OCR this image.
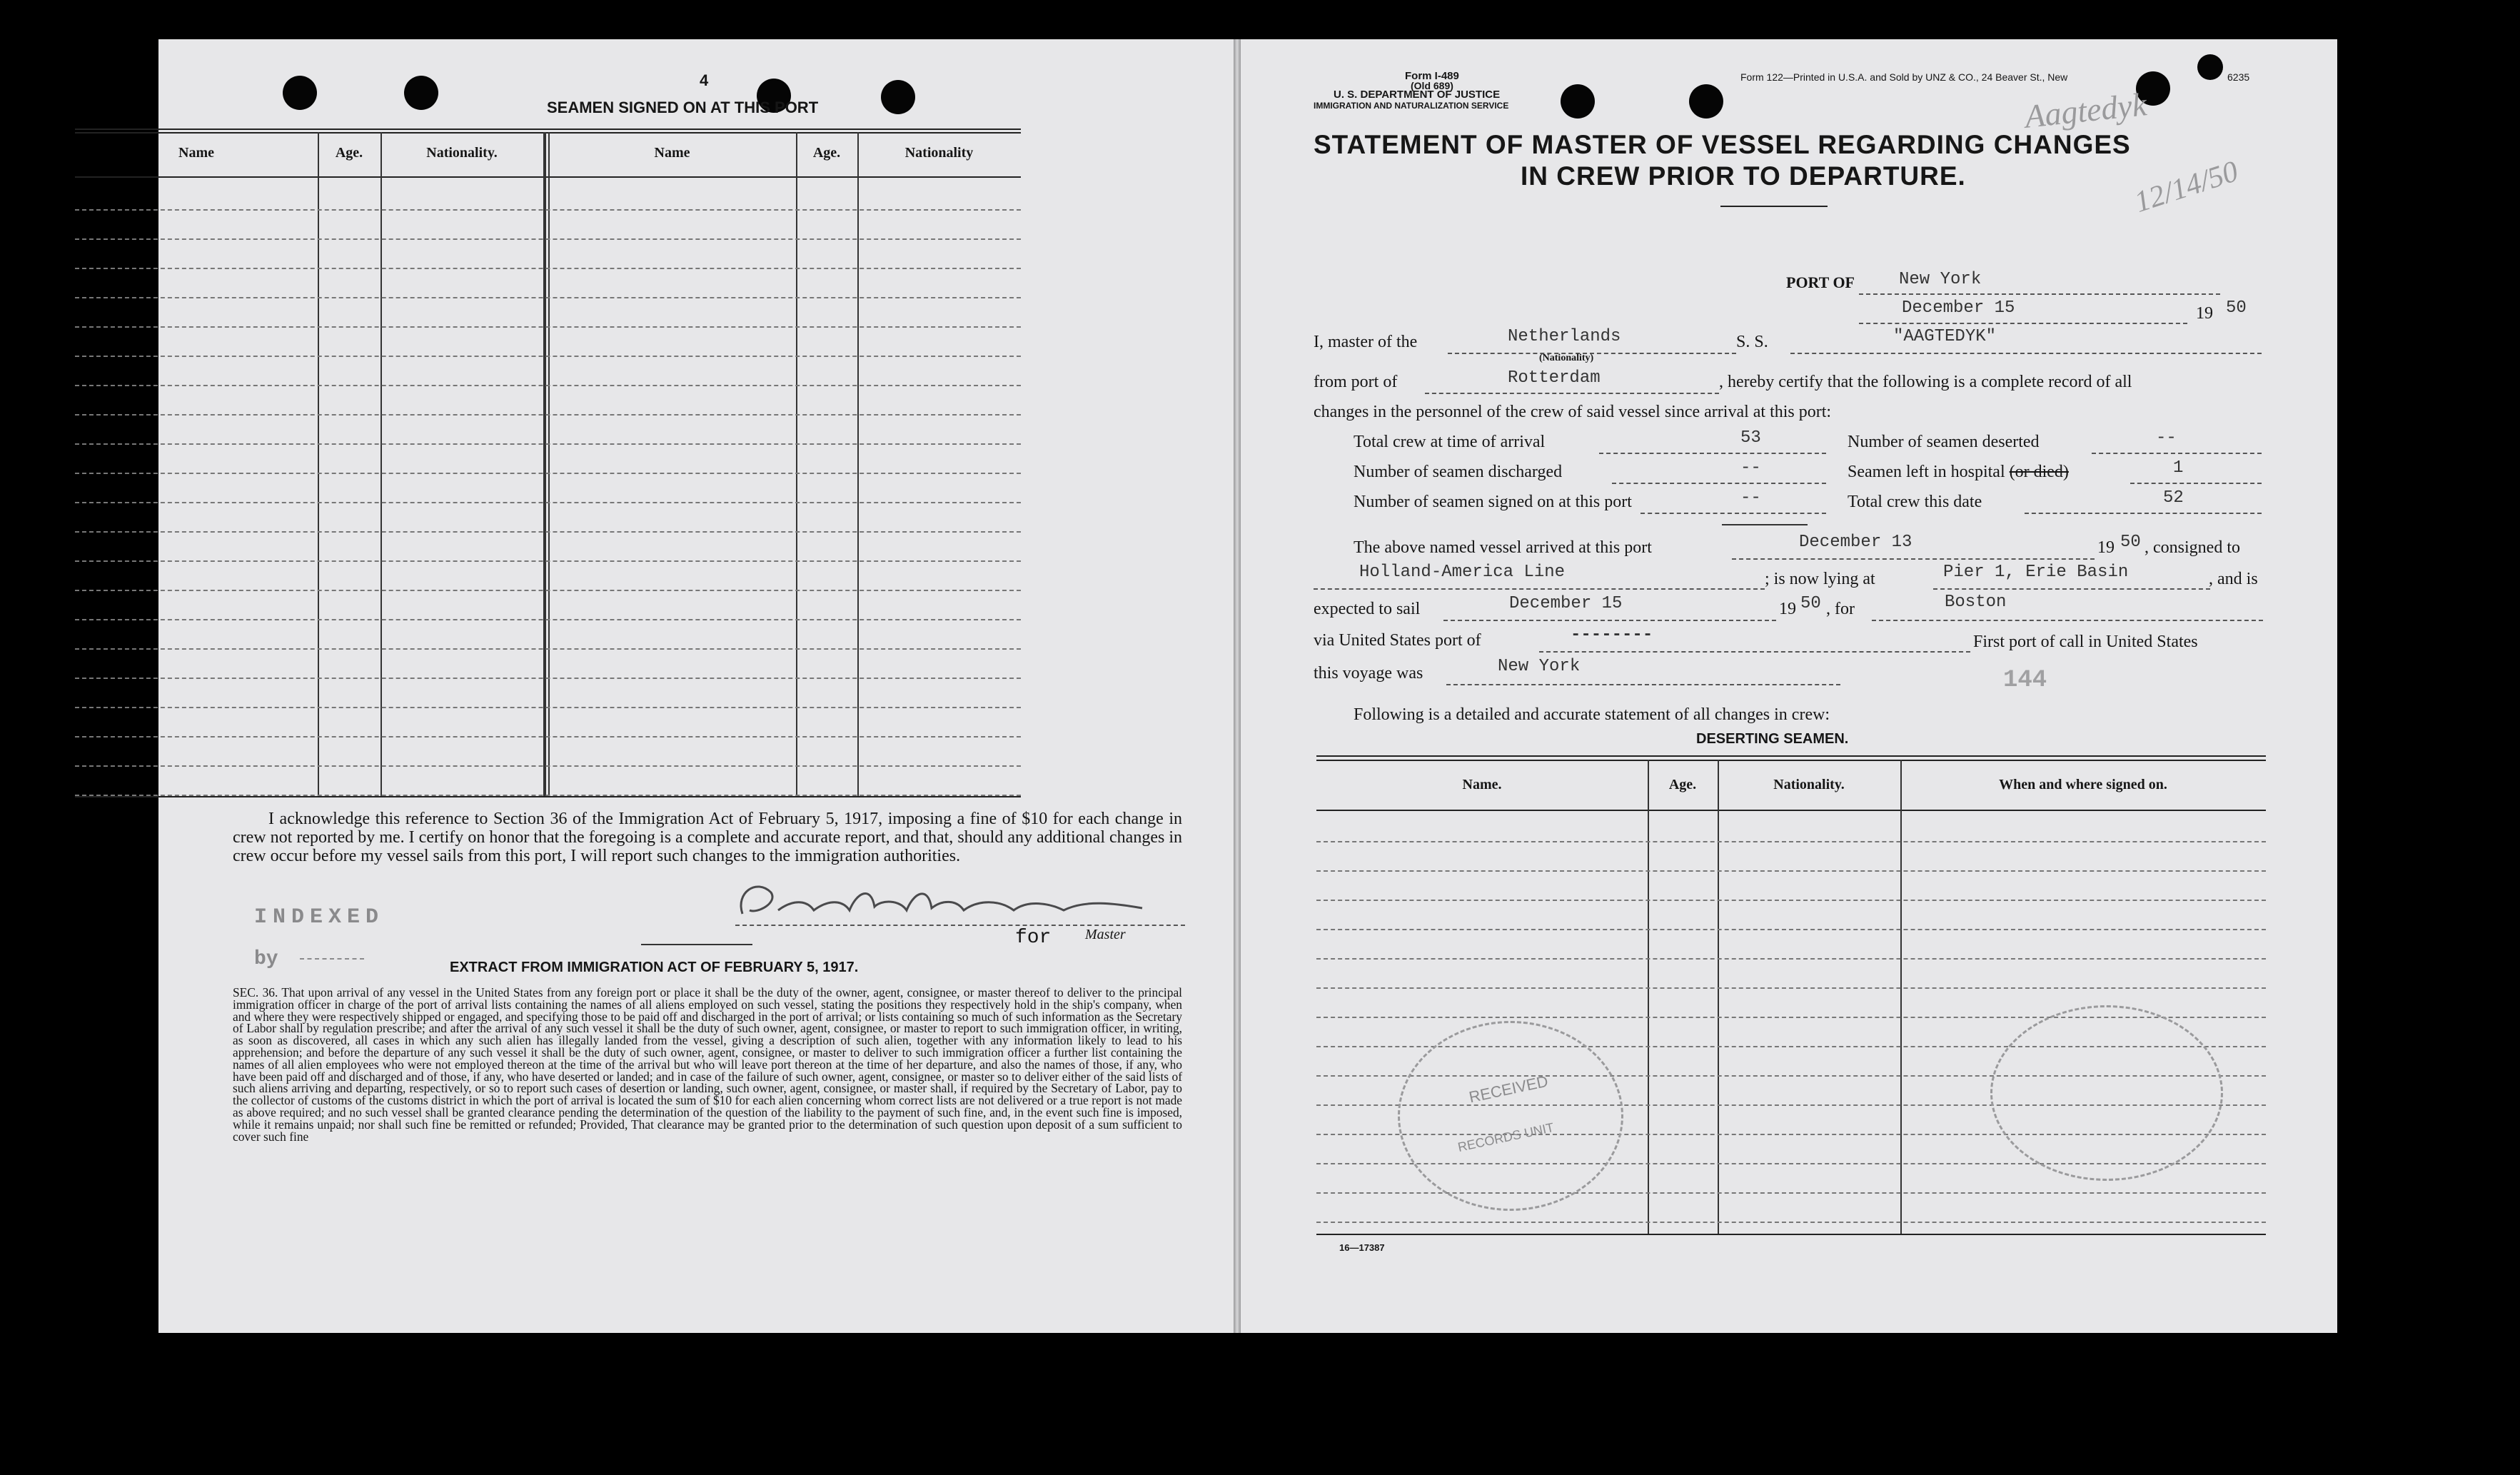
4
SEAMEN SIGNED ON AT THIS PORT
Name	Age.	Nationality.	Name	Age.	Nationality
I acknowledge this reference to Section 36 of the Immigration Act of February 5, 1917, imposing a fine of $10 for each change in crew not reported by me. I certify on honor that the foregoing is a complete and accurate report, and that, should any additional changes in crew occur before my vessel sails from this port, I will report such changes to the immigration authorities.
INDEXED
by
for Master
EXTRACT FROM IMMIGRATION ACT OF FEBRUARY 5, 1917.
SEC. 36. That upon arrival of any vessel in the United States from any foreign port or place it shall be the duty of the owner, agent, consignee, or master thereof to deliver to the principal immigration officer in charge of the port of arrival lists containing the names of all aliens employed on such vessel, stating the positions they respectively hold in the ship's company, when and where they were respectively shipped or engaged, and specifying those to be paid off and discharged in the port of arrival; or lists containing so much of such information as the Secretary of Labor shall by regulation prescribe; and after the arrival of any such vessel it shall be the duty of such owner, agent, consignee, or master to report to such immigration officer, in writing, as soon as discovered, all cases in which any such alien has illegally landed from the vessel, giving a description of such alien, together with any information likely to lead to his apprehension; and before the departure of any such vessel it shall be the duty of such owner, agent, consignee, or master to deliver to such immigration officer a further list containing the names of all alien employees who were not employed thereon at the time of the arrival but who will leave port thereon at the time of her departure, and also the names of those, if any, who have been paid off and discharged and of those, if any, who have deserted or landed; and in case of the failure of such owner, agent, consignee, or master so to deliver either of the said lists of such aliens arriving and departing, respectively, or so to report such cases of desertion or landing, such owner, agent, consignee, or master shall, if required by the Secretary of Labor, pay to the collector of customs of the customs district in which the port of arrival is located the sum of $10 for each alien concerning whom correct lists are not delivered or a true report is not made as above required; and no such vessel shall be granted clearance pending the determination of the question of the liability to the payment of such fine, and, in the event such fine is imposed, while it remains unpaid; nor shall such fine be remitted or refunded; Provided, That clearance may be granted prior to the determination of such question upon deposit of a sum sufficient to cover such fine
Form I-489
(Old 689)
U. S. DEPARTMENT OF JUSTICE
IMMIGRATION AND NATURALIZATION SERVICE
Form 122—Printed in U.S.A. and Sold by UNZ & CO., 24 Beaver St., New	6235
STATEMENT OF MASTER OF VESSEL REGARDING CHANGES
IN CREW PRIOR TO DEPARTURE.
Aagtedyk
12/14/50
PORT OF	New York
December 15	19 50
I, master of the	Netherlands
(Nationality)
S. S.	"AAGTEDYK"
from port of	Rotterdam	, hereby certify that the following is a complete record of all
changes in the personnel of the crew of said vessel since arrival at this port:
Total crew at time of arrival	53	Number of seamen deserted	--
Number of seamen discharged	--	Seamen left in hospital (or died)	1
Number of seamen signed on at this port	--	Total crew this date	52
The above named vessel arrived at this port	December 13	19 50 , consigned to
Holland-America Line	; is now lying at	Pier 1, Erie Basin	, and is
expected to sail	December 15	19 50 , for	Boston
via United States port of	--------	First port of call in United States
this voyage was	New York
144
Following is a detailed and accurate statement of all changes in crew:
DESERTING SEAMEN.
Name.	Age.	Nationality.	When and where signed on.
RECEIVED
RECORDS UNIT
16—17387
